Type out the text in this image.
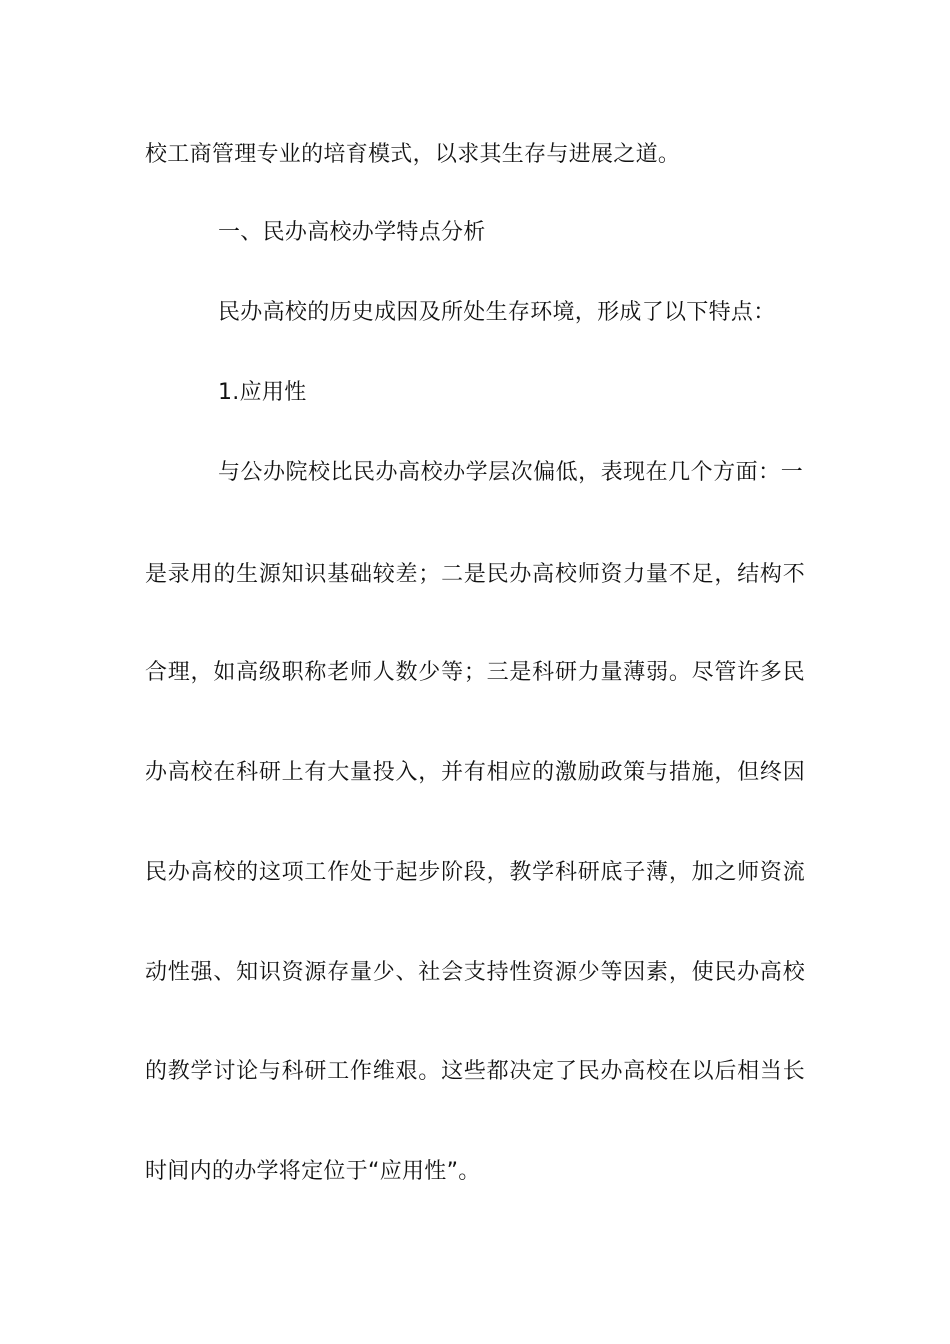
校工商管理专业的培育模式，以求其生存与进展之道。
一、民办高校办学特点分析
民办高校的历史成因及所处生存环境，形成了以下特点：
1.应用性
与公办院校比民办高校办学层次偏低，表现在几个方面：一
是录用的生源知识基础较差；二是民办高校师资力量不足，结构不
合理，如高级职称老师人数少等；三是科研力量薄弱。尽管许多民
办高校在科研上有大量投入，并有相应的激励政策与措施，但终因
民办高校的这项工作处于起步阶段，教学科研底子薄，加之师资流
动性强、知识资源存量少、社会支持性资源少等因素，使民办高校
的教学讨论与科研工作维艰。这些都决定了民办高校在以后相当长
时间内的办学将定位于“应用性”。
